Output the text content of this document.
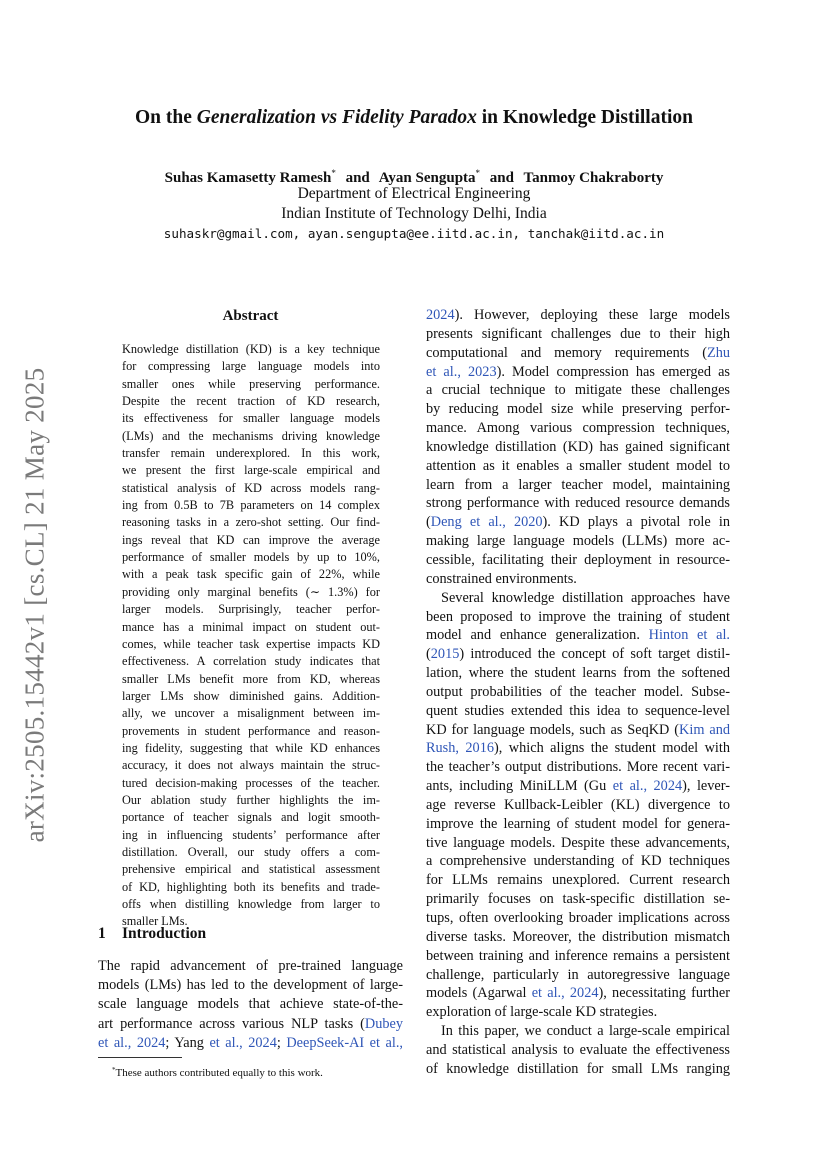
arXiv:2505.15442v1 [cs.CL] 21 May 2025
On the Generalization vs Fidelity Paradox in Knowledge Distillation
Suhas Kamasetty Ramesh* and Ayan Sengupta* and Tanmoy Chakraborty
Department of Electrical Engineering
Indian Institute of Technology Delhi, India
suhaskr@gmail.com, ayan.sengupta@ee.iitd.ac.in, tanchak@iitd.ac.in
Abstract
Knowledge distillation (KD) is a key technique
for compressing large language models into
smaller ones while preserving performance.
Despite the recent traction of KD research,
its effectiveness for smaller language models
(LMs) and the mechanisms driving knowledge
transfer remain underexplored. In this work,
we present the first large-scale empirical and
statistical analysis of KD across models rang-
ing from 0.5B to 7B parameters on 14 complex
reasoning tasks in a zero-shot setting. Our find-
ings reveal that KD can improve the average
performance of smaller models by up to 10%,
with a peak task specific gain of 22%, while
providing only marginal benefits (∼ 1.3%) for
larger models. Surprisingly, teacher perfor-
mance has a minimal impact on student out-
comes, while teacher task expertise impacts KD
effectiveness. A correlation study indicates that
smaller LMs benefit more from KD, whereas
larger LMs show diminished gains. Addition-
ally, we uncover a misalignment between im-
provements in student performance and reason-
ing fidelity, suggesting that while KD enhances
accuracy, it does not always maintain the struc-
tured decision-making processes of the teacher.
Our ablation study further highlights the im-
portance of teacher signals and logit smooth-
ing in influencing students’ performance after
distillation. Overall, our study offers a com-
prehensive empirical and statistical assessment
of KD, highlighting both its benefits and trade-
offs when distilling knowledge from larger to
smaller LMs.
1 Introduction
The rapid advancement of pre-trained language
models (LMs) has led to the development of large-
scale language models that achieve state-of-the-
art performance across various NLP tasks (Dubey
et al., 2024; Yang et al., 2024; DeepSeek-AI et al.,
*These authors contributed equally to this work.
2024). However, deploying these large models
presents significant challenges due to their high
computational and memory requirements (Zhu
et al., 2023). Model compression has emerged as
a crucial technique to mitigate these challenges
by reducing model size while preserving perfor-
mance. Among various compression techniques,
knowledge distillation (KD) has gained significant
attention as it enables a smaller student model to
learn from a larger teacher model, maintaining
strong performance with reduced resource demands
(Deng et al., 2020). KD plays a pivotal role in
making large language models (LLMs) more ac-
cessible, facilitating their deployment in resource-
constrained environments.
Several knowledge distillation approaches have
been proposed to improve the training of student
model and enhance generalization. Hinton et al.
(2015) introduced the concept of soft target distil-
lation, where the student learns from the softened
output probabilities of the teacher model. Subse-
quent studies extended this idea to sequence-level
KD for language models, such as SeqKD (Kim and
Rush, 2016), which aligns the student model with
the teacher’s output distributions. More recent vari-
ants, including MiniLLM (Gu et al., 2024), lever-
age reverse Kullback-Leibler (KL) divergence to
improve the learning of student model for genera-
tive language models. Despite these advancements,
a comprehensive understanding of KD techniques
for LLMs remains unexplored. Current research
primarily focuses on task-specific distillation se-
tups, often overlooking broader implications across
diverse tasks. Moreover, the distribution mismatch
between training and inference remains a persistent
challenge, particularly in autoregressive language
models (Agarwal et al., 2024), necessitating further
exploration of large-scale KD strategies.
In this paper, we conduct a large-scale empirical
and statistical analysis to evaluate the effectiveness
of knowledge distillation for small LMs ranging
